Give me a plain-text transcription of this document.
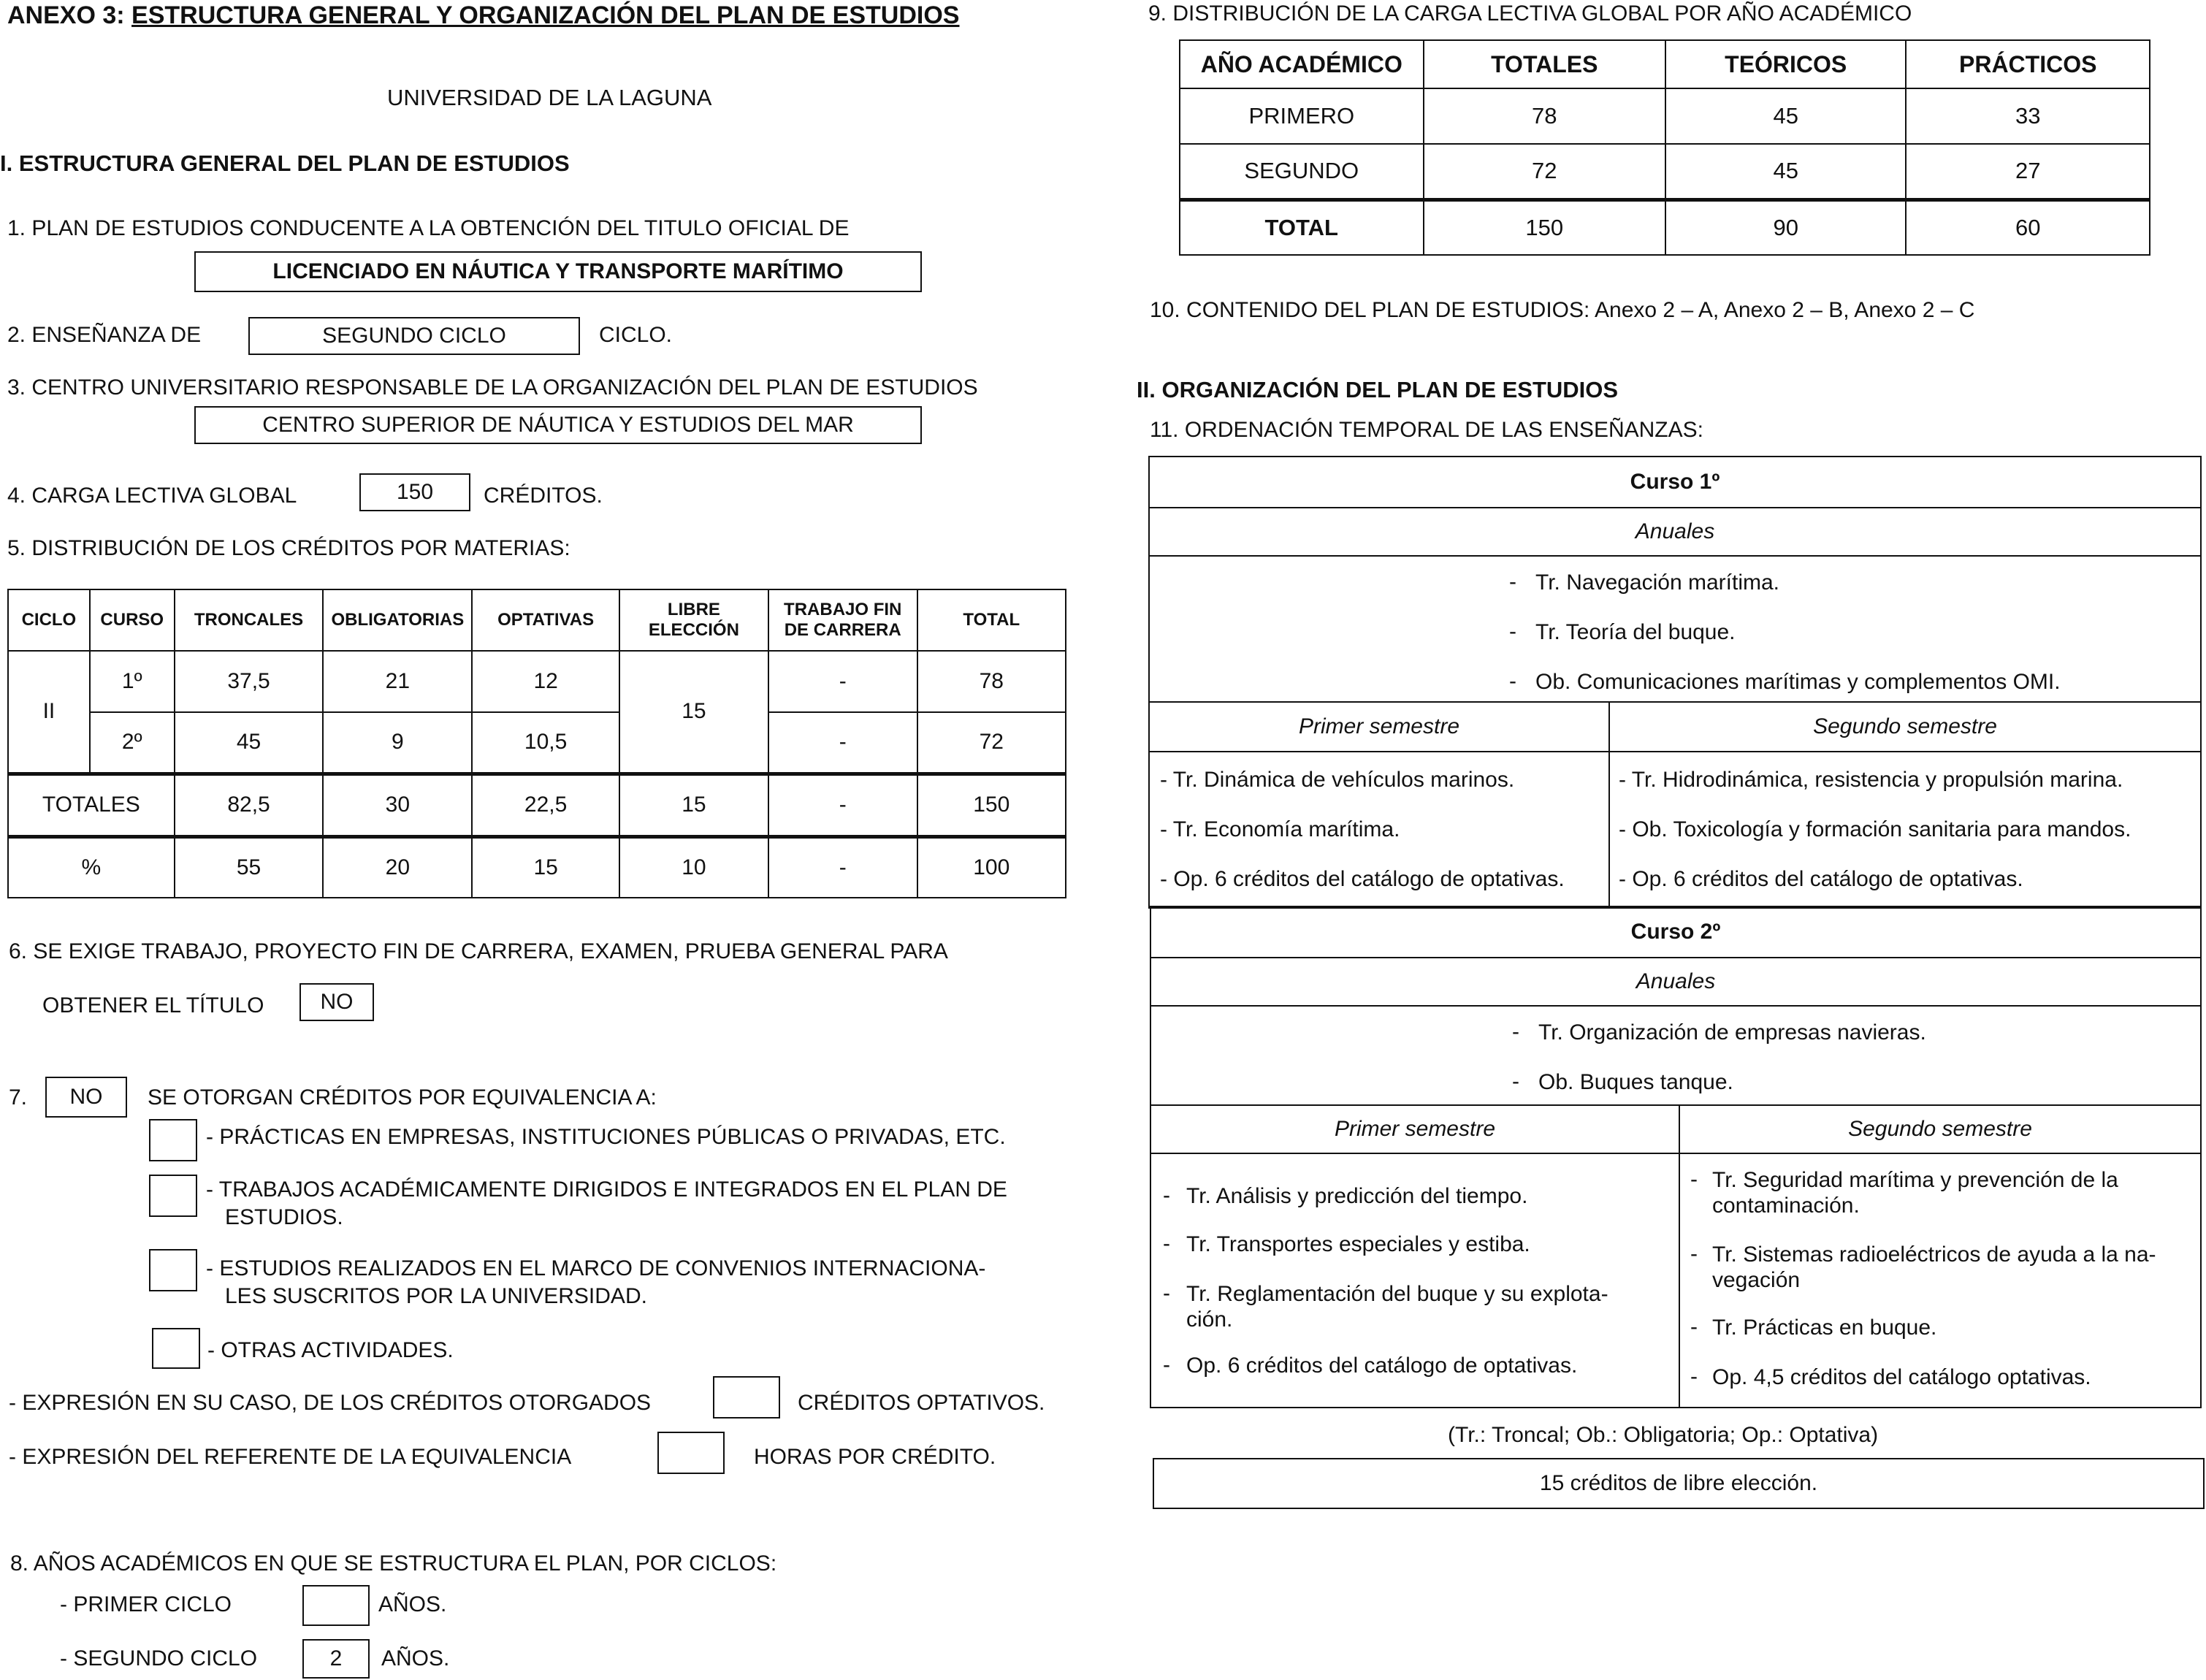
ANEXO 3: ESTRUCTURA GENERAL Y ORGANIZACIÓN DEL PLAN DE ESTUDIOS
UNIVERSIDAD DE LA LAGUNA
I. ESTRUCTURA GENERAL DEL PLAN DE ESTUDIOS
1. PLAN DE ESTUDIOS CONDUCENTE A LA OBTENCIÓN DEL TITULO OFICIAL DE
LICENCIADO EN NÁUTICA Y TRANSPORTE MARÍTIMO
2. ENSEÑANZA DE	SEGUNDO CICLO	CICLO.
3. CENTRO UNIVERSITARIO RESPONSABLE DE LA ORGANIZACIÓN DEL PLAN DE ESTUDIOS
CENTRO SUPERIOR DE NÁUTICA Y ESTUDIOS DEL MAR
4. CARGA LECTIVA GLOBAL	150	CRÉDITOS.
5. DISTRIBUCIÓN DE LOS CRÉDITOS POR MATERIAS:
CICLO	CURSO	TRONCALES	OBLIGATORIAS	OPTATIVAS	LIBRE ELECCIÓN	TRABAJO FIN DE CARRERA	TOTAL
II	1º	37,5	21	12	15	-	78
	2º	45	9	10,5		-	72
TOTALES		82,5	30	22,5	15	-	150
%		55	20	15	10	-	100
6. SE EXIGE TRABAJO, PROYECTO FIN DE CARRERA, EXAMEN, PRUEBA GENERAL PARA
OBTENER EL TÍTULO	NO
7.	NO	SE OTORGAN CRÉDITOS POR EQUIVALENCIA A:
- PRÁCTICAS EN EMPRESAS, INSTITUCIONES PÚBLICAS O PRIVADAS, ETC.
- TRABAJOS ACADÉMICAMENTE DIRIGIDOS E INTEGRADOS EN EL PLAN DE
ESTUDIOS.
- ESTUDIOS REALIZADOS EN EL MARCO DE CONVENIOS INTERNACIONA-
LES SUSCRITOS POR LA UNIVERSIDAD.
- OTRAS ACTIVIDADES.
- EXPRESIÓN EN SU CASO, DE LOS CRÉDITOS OTORGADOS	CRÉDITOS OPTATIVOS.
- EXPRESIÓN DEL REFERENTE DE LA EQUIVALENCIA	HORAS POR CRÉDITO.
8. AÑOS ACADÉMICOS EN QUE SE ESTRUCTURA EL PLAN, POR CICLOS:
- PRIMER CICLO	AÑOS.
- SEGUNDO CICLO	2	AÑOS.
9. DISTRIBUCIÓN DE LA CARGA LECTIVA GLOBAL POR AÑO ACADÉMICO
AÑO ACADÉMICO	TOTALES	TEÓRICOS	PRÁCTICOS
PRIMERO	78	45	33
SEGUNDO	72	45	27
TOTAL	150	90	60
10. CONTENIDO DEL PLAN DE ESTUDIOS: Anexo 2 – A, Anexo 2 – B, Anexo 2 – C
II. ORGANIZACIÓN DEL PLAN DE ESTUDIOS
11. ORDENACIÓN TEMPORAL DE LAS ENSEÑANZAS:
Curso 1º
Anuales
- Tr. Navegación marítima.
- Tr. Teoría del buque.
- Ob. Comunicaciones marítimas y complementos OMI.
Primer semestre
- Tr. Dinámica de vehículos marinos.
- Tr. Economía marítima.
- Op. 6 créditos del catálogo de optativas.
Segundo semestre
- Tr. Hidrodinámica, resistencia y propulsión marina.
- Ob. Toxicología y formación sanitaria para mandos.
- Op. 6 créditos del catálogo de optativas.
Curso 2º
Anuales
- Tr. Organización de empresas navieras.
- Ob. Buques tanque.
Primer semestre
- Tr. Análisis y predicción del tiempo.
- Tr. Transportes especiales y estiba.
- Tr. Reglamentación del buque y su explota-
ción.
- Op. 6 créditos del catálogo de optativas.
Segundo semestre
- Tr. Seguridad marítima y prevención de la
contaminación.
- Tr. Sistemas radioeléctricos de ayuda a la na-
vegación
- Tr. Prácticas en buque.
- Op. 4,5 créditos del catálogo optativas.
(Tr.: Troncal; Ob.: Obligatoria; Op.: Optativa)
15 créditos de libre elección.
